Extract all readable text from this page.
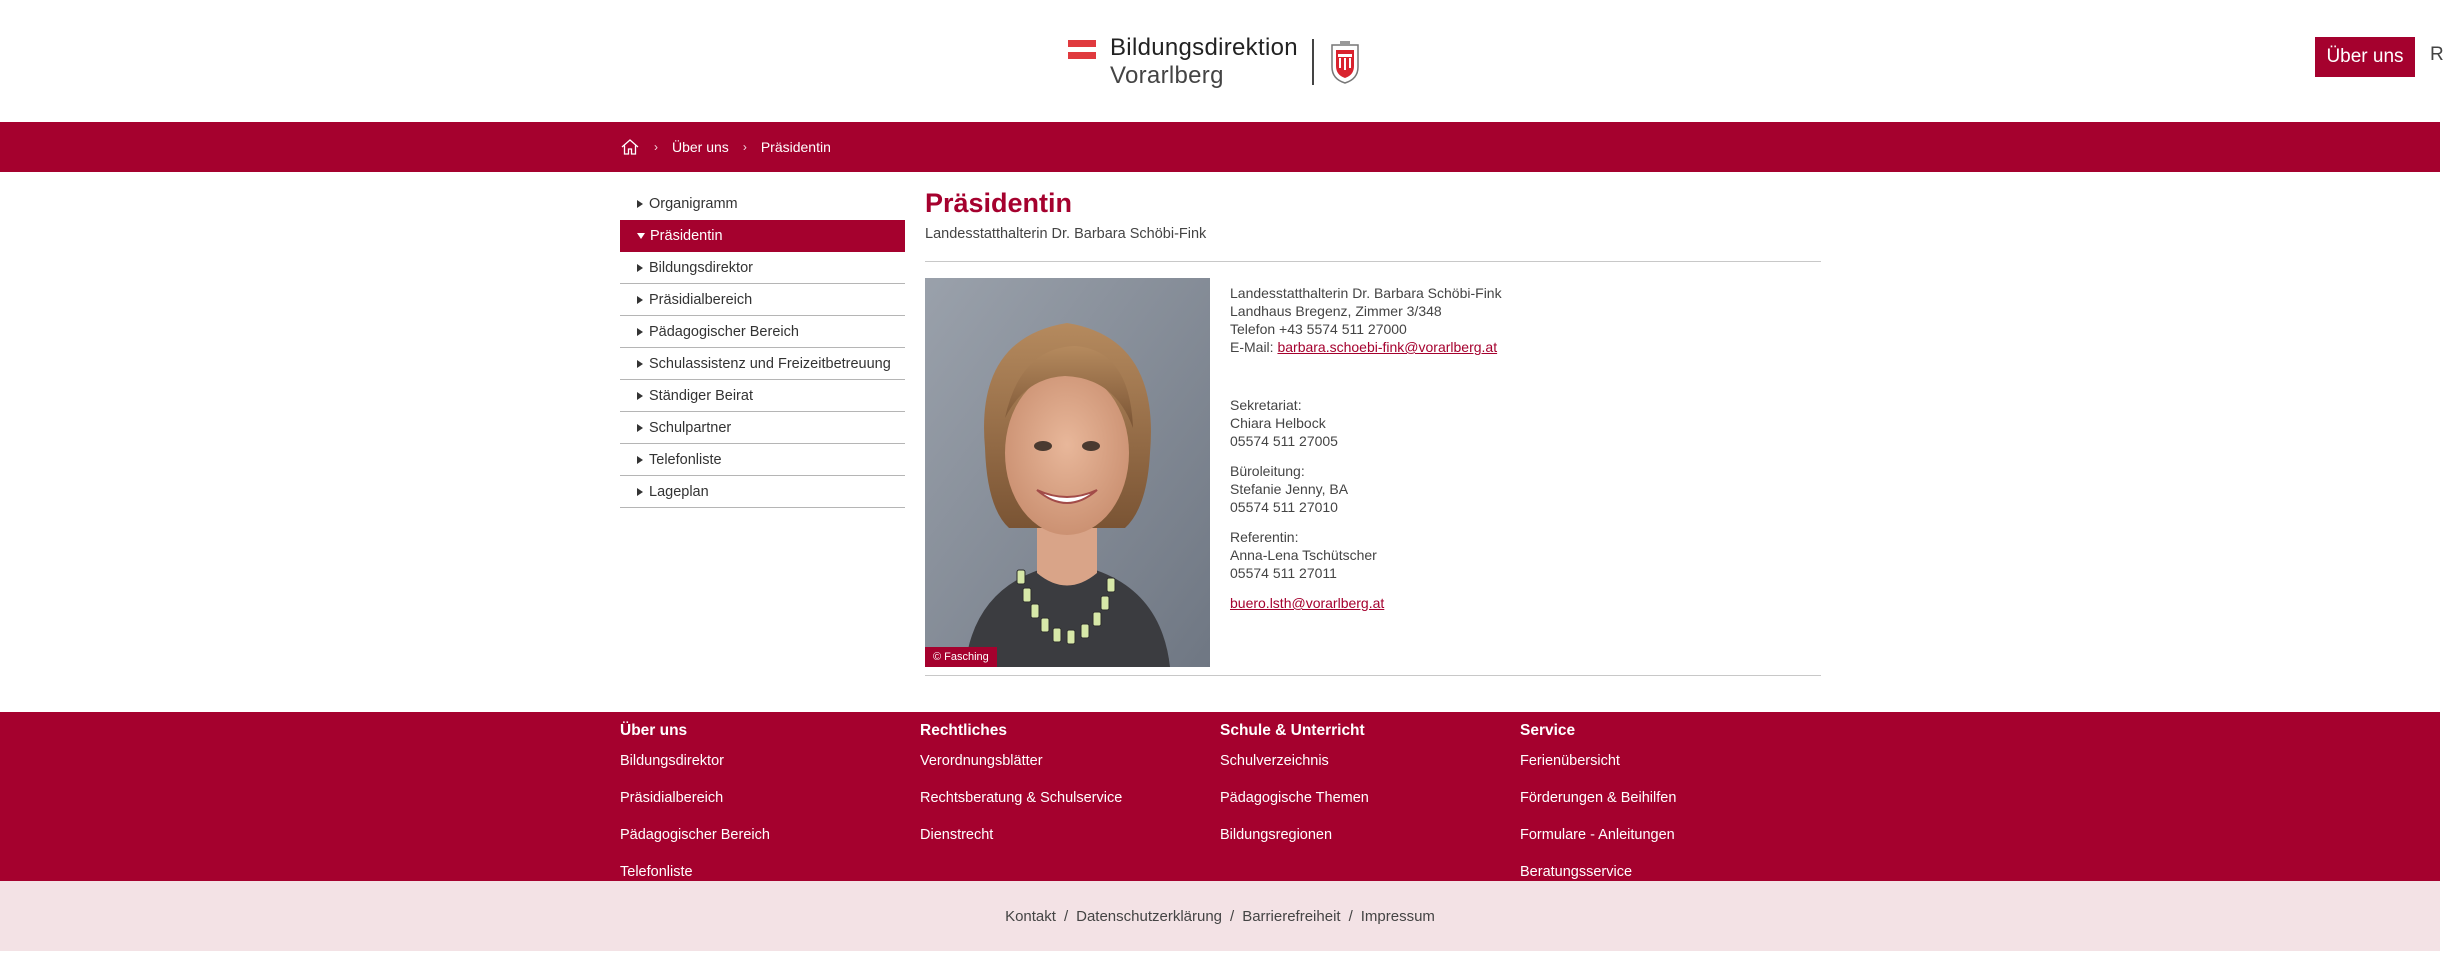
Bildungsdirektion
Vorarlberg
Über uns	R
› Über uns › Präsidentin
Organigramm
Präsidentin
Bildungsdirektor
Präsidialbereich
Pädagogischer Bereich
Schulassistenz und Freizeitbetreuung
Ständiger Beirat
Schulpartner
Telefonliste
Lageplan
Präsidentin
Landesstatthalterin Dr. Barbara Schöbi-Fink
© Fasching
Landesstatthalterin Dr. Barbara Schöbi-Fink
Landhaus Bregenz, Zimmer 3/348
Telefon +43 5574 511 27000
E-Mail: barbara.schoebi-fink@vorarlberg.at
Sekretariat:
Chiara Helbock
05574 511 27005
Büroleitung:
Stefanie Jenny, BA
05574 511 27010
Referentin:
Anna-Lena Tschütscher
05574 511 27011
buero.lsth@vorarlberg.at
Über uns
Bildungsdirektor
Präsidialbereich
Pädagogischer Bereich
Telefonliste
Rechtliches
Verordnungsblätter
Rechtsberatung & Schulservice
Dienstrecht
Schule & Unterricht
Schulverzeichnis
Pädagogische Themen
Bildungsregionen
Service
Ferienübersicht
Förderungen & Beihilfen
Formulare - Anleitungen
Beratungsservice
Kontakt / Datenschutzerklärung / Barrierefreiheit / Impressum
